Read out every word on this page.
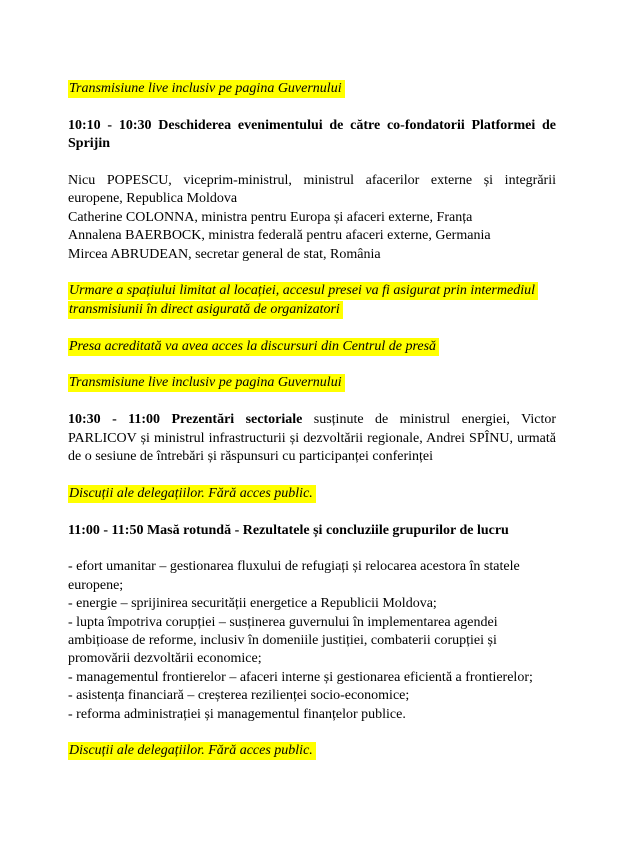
Transmisiune live inclusiv pe pagina Guvernului

10:10 - 10:30 Deschiderea evenimentului de către co-fondatorii Platformei de Sprijin

Nicu POPESCU, viceprim-ministrul, ministrul afacerilor externe și integrării europene, Republica Moldova

Catherine COLONNA, ministra pentru Europa și afaceri externe, Franța

Annalena BAERBOCK, ministra federală pentru afaceri externe, Germania

Mircea ABRUDEAN, secretar general de stat, România

Urmare a spațiului limitat al locației, accesul presei va fi asigurat prin intermediul transmisiunii în direct asigurată de organizatori

Presa acreditată va avea acces la discursuri din Centrul de presă

Transmisiune live inclusiv pe pagina Guvernului

10:30 - 11:00 Prezentări sectoriale susținute de ministrul energiei, Victor PARLICOV și ministrul infrastructurii și dezvoltării regionale, Andrei SPÎNU, urmată de o sesiune de întrebări și răspunsuri cu participanței conferinței

Discuții ale delegațiilor. Fără acces public.

11:00 - 11:50 Masă rotundă - Rezultatele și concluziile grupurilor de lucru

- efort umanitar – gestionarea fluxului de refugiați și relocarea acestora în statele europene;

- energie – sprijinirea securității energetice a Republicii Moldova;

- lupta împotriva corupției – susținerea guvernului în implementarea agendei ambițioase de reforme, inclusiv în domeniile justiției, combaterii corupției și promovării dezvoltării economice;

- managementul frontierelor – afaceri interne și gestionarea eficientă a frontierelor;

- asistența financiară – creșterea rezilienței socio-economice;

- reforma administrației și managementul finanțelor publice.

Discuții ale delegațiilor. Fără acces public.
